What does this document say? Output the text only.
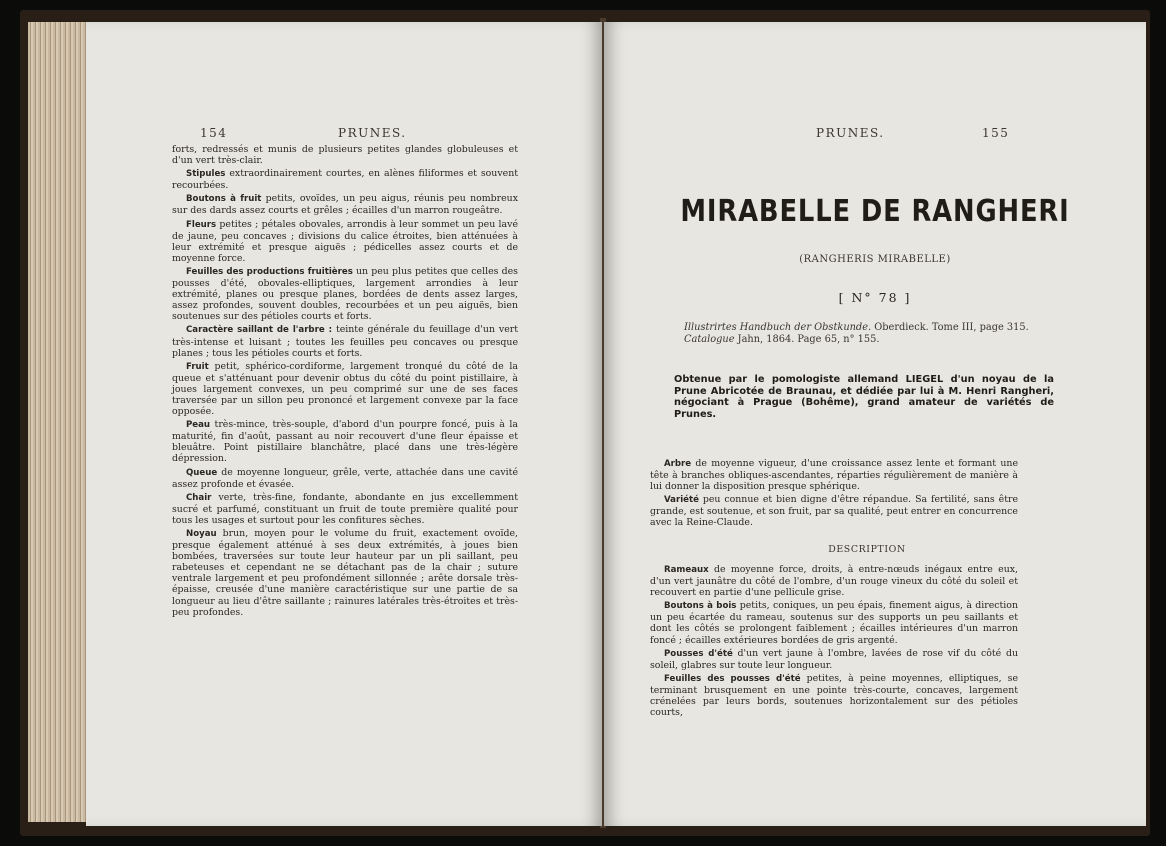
154	PRUNES.

forts, redressés et munis de plusieurs petites glandes globuleuses et d'un vert très-clair.

Stipules extraordinairement courtes, en alènes filiformes et souvent recourbées.

Boutons à fruit petits, ovoïdes, un peu aigus, réunis peu nombreux sur des dards assez courts et grêles ; écailles d'un marron rougeâtre.

Fleurs petites ; pétales obovales, arrondis à leur sommet un peu lavé de jaune, peu concaves ; divisions du calice étroites, bien atténuées à leur extrémité et presque aiguës ; pédicelles assez courts et de moyenne force.

Feuilles des productions fruitières un peu plus petites que celles des pousses d'été, obovales-elliptiques, largement arrondies à leur extrémité, planes ou presque planes, bordées de dents assez larges, assez profondes, souvent doubles, recourbées et un peu aiguës, bien soutenues sur des pétioles courts et forts.

Caractère saillant de l'arbre : teinte générale du feuillage d'un vert très-intense et luisant ; toutes les feuilles peu concaves ou presque planes ; tous les pétioles courts et forts.

Fruit petit, sphérico-cordiforme, largement tronqué du côté de la queue et s'atténuant pour devenir obtus du côté du point pistillaire, à joues largement convexes, un peu comprimé sur une de ses faces traversée par un sillon peu prononcé et largement convexe par la face opposée.

Peau très-mince, très-souple, d'abord d'un pourpre foncé, puis à la maturité, fin d'août, passant au noir recouvert d'une fleur épaisse et bleuâtre. Point pistillaire blanchâtre, placé dans une très-légère dépression.

Queue de moyenne longueur, grêle, verte, attachée dans une cavité assez profonde et évasée.

Chair verte, très-fine, fondante, abondante en jus excellemment sucré et parfumé, constituant un fruit de toute première qualité pour tous les usages et surtout pour les confitures sèches.

Noyau brun, moyen pour le volume du fruit, exactement ovoïde, presque également atténué à ses deux extrémités, à joues bien bombées, traversées sur toute leur hauteur par un pli saillant, peu rabeteuses et cependant ne se détachant pas de la chair ; suture ventrale largement et peu profondément sillonnée ; arête dorsale très-épaisse, creusée d'une manière caractéristique sur une partie de sa longueur au lieu d'être saillante ; rainures latérales très-étroites et très-peu profondes.

PRUNES.	155
MIRABELLE DE RANGHERI
(RANGHERIS MIRABELLE)
[ N° 78 ]
Illustrirtes Handbuch der Obstkunde. Oberdieck. Tome III, page 315.
Catalogue Jahn, 1864. Page 65, n° 155.

Obtenue par le pomologiste allemand LIEGEL d'un noyau de la Prune Abricotée de Braunau, et dédiée par lui à M. Henri Rangheri, négociant à Prague (Bohême), grand amateur de variétés de Prunes.

Arbre de moyenne vigueur, d'une croissance assez lente et formant une tête à branches obliques-ascendantes, réparties régulièrement de manière à lui donner la disposition presque sphérique.

Variété peu connue et bien digne d'être répandue. Sa fertilité, sans être grande, est soutenue, et son fruit, par sa qualité, peut entrer en concurrence avec la Reine-Claude.

DESCRIPTION

Rameaux de moyenne force, droits, à entre-nœuds inégaux entre eux, d'un vert jaunâtre du côté de l'ombre, d'un rouge vineux du côté du soleil et recouvert en partie d'une pellicule grise.

Boutons à bois petits, coniques, un peu épais, finement aigus, à direction un peu écartée du rameau, soutenus sur des supports un peu saillants et dont les côtés se prolongent faiblement ; écailles intérieures d'un marron foncé ; écailles extérieures bordées de gris argenté.

Pousses d'été d'un vert jaune à l'ombre, lavées de rose vif du côté du soleil, glabres sur toute leur longueur.

Feuilles des pousses d'été petites, à peine moyennes, elliptiques, se terminant brusquement en une pointe très-courte, concaves, largement crénelées par leurs bords, soutenues horizontalement sur des pétioles courts,
